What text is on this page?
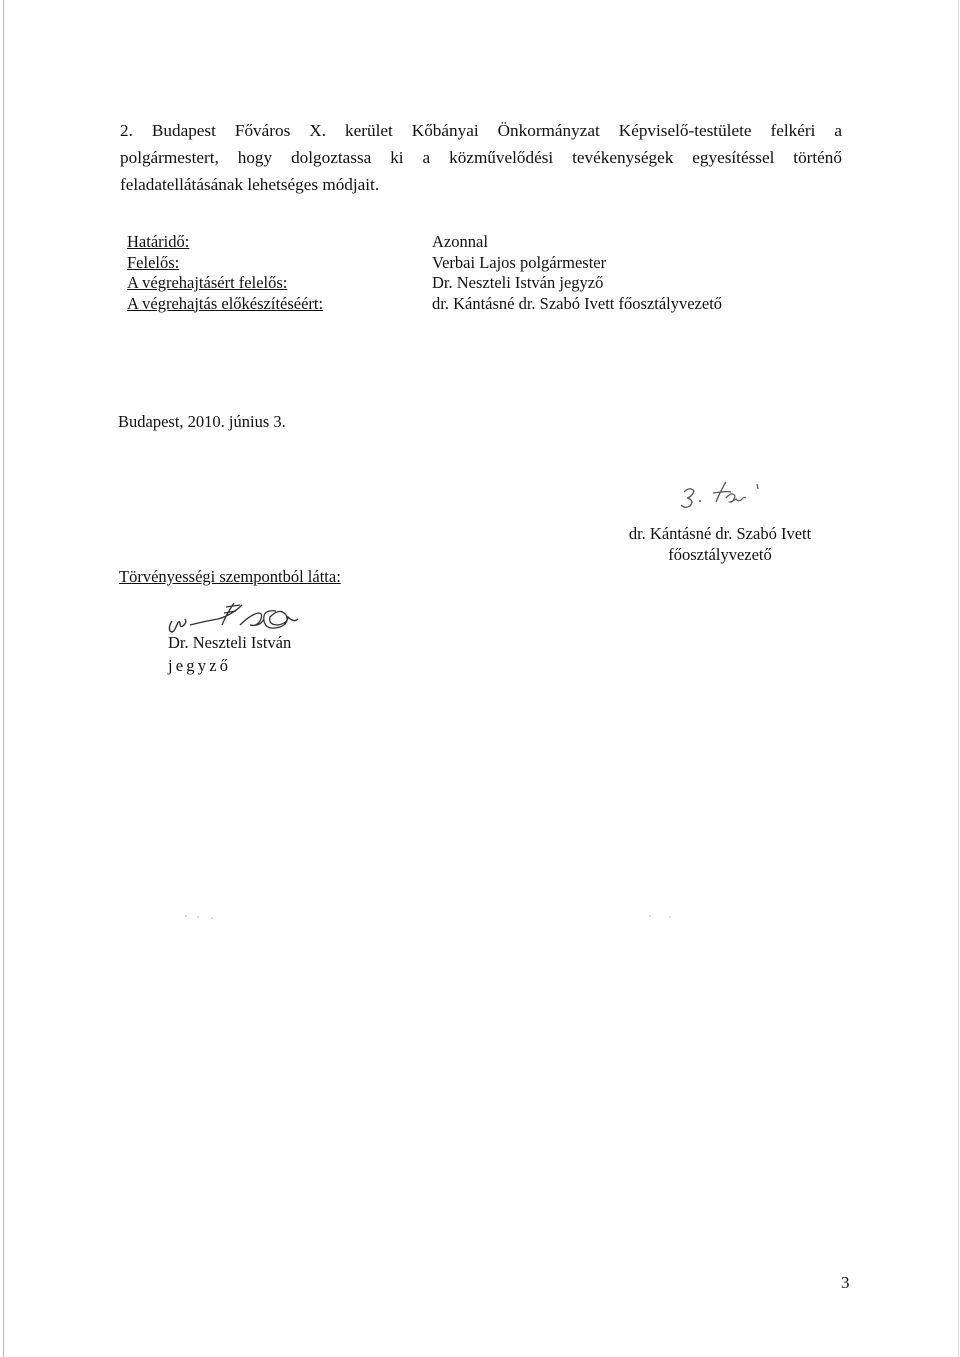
2. Budapest Főváros X. kerület Kőbányai Önkormányzat Képviselő-testülete felkéri a
polgármestert, hogy dolgoztassa ki a közművelődési tevékenységek egyesítéssel történő
feladatellátásának lehetséges módjait.
Határidő:
Felelős:
A végrehajtásért felelős:
A végrehajtás előkészítéséért:
Azonnal
Verbai Lajos polgármester
Dr. Neszteli István jegyző
dr. Kántásné dr. Szabó Ivett főosztályvezető
Budapest, 2010. június 3.
dr. Kántásné dr. Szabó Ivett
főosztályvezető
Törvényességi szempontból látta:
Dr. Neszteli István
jegyző
3
